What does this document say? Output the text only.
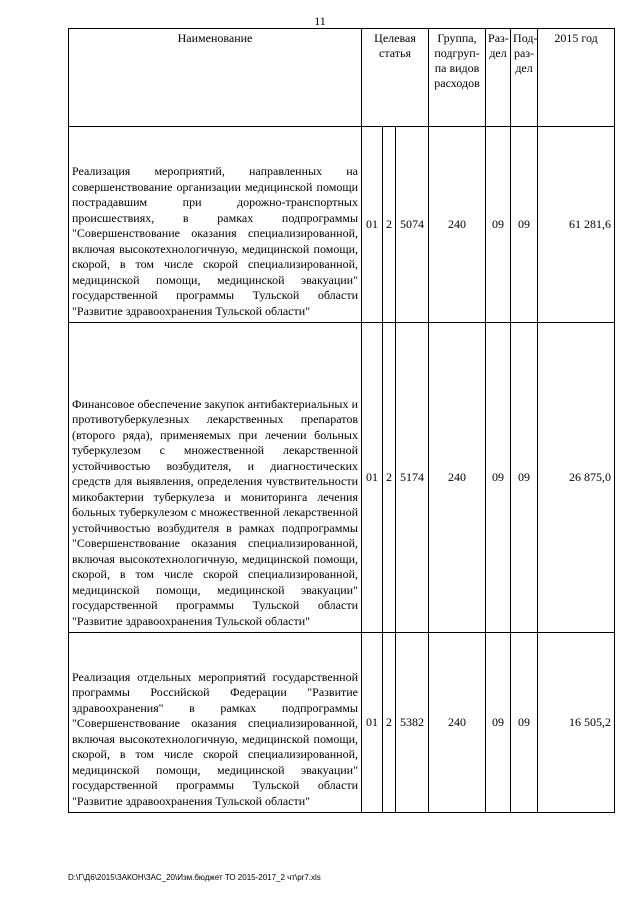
11
Наименование	Целевая статья			Группа, подгруп-па видов расходов	Раз-дел	Под-раз-дел	2015 год
Реализация мероприятий, направленных на совершенствование организации медицинской помощи пострадавшим при дорожно-транспортных происшествиях, в рамках подпрограммы "Совершенствование оказания специализированной, включая высокотехнологичную, медицинской помощи, скорой, в том числе скорой специализированной, медицинской помощи, медицинской эвакуации" государственной программы Тульской области "Развитие здравоохранения Тульской области"	01	2	5074	240	09	09	61 281,6
Финансовое обеспечение закупок антибактериальных и противотуберкулезных лекарственных препаратов (второго ряда), применяемых при лечении больных туберкулезом с множественной лекарственной устойчивостью возбудителя, и диагностических средств для выявления, определения чувствительности микобактерии туберкулеза и мониторинга лечения больных туберкулезом с множественной лекарственной устойчивостью возбудителя в рамках подпрограммы "Совершенствование оказания специализированной, включая высокотехнологичную, медицинской помощи, скорой, в том числе скорой специализированной, медицинской помощи, медицинской эвакуации" государственной программы Тульской области "Развитие здравоохранения Тульской области"	01	2	5174	240	09	09	26 875,0
Реализация отдельных мероприятий государственной программы Российской Федерации "Развитие здравоохранения" в рамках подпрограммы "Совершенствование оказания специализированной, включая высокотехнологичную, медицинской помощи, скорой, в том числе скорой специализированной, медицинской помощи, медицинской эвакуации" государственной программы Тульской области "Развитие здравоохранения Тульской области"	01	2	5382	240	09	09	16 505,2
D:\Г\Д6\2015\ЗАКОН\ЗАС_20\Изм.бюджет ТО 2015-2017_2 чт\pr7.xls
